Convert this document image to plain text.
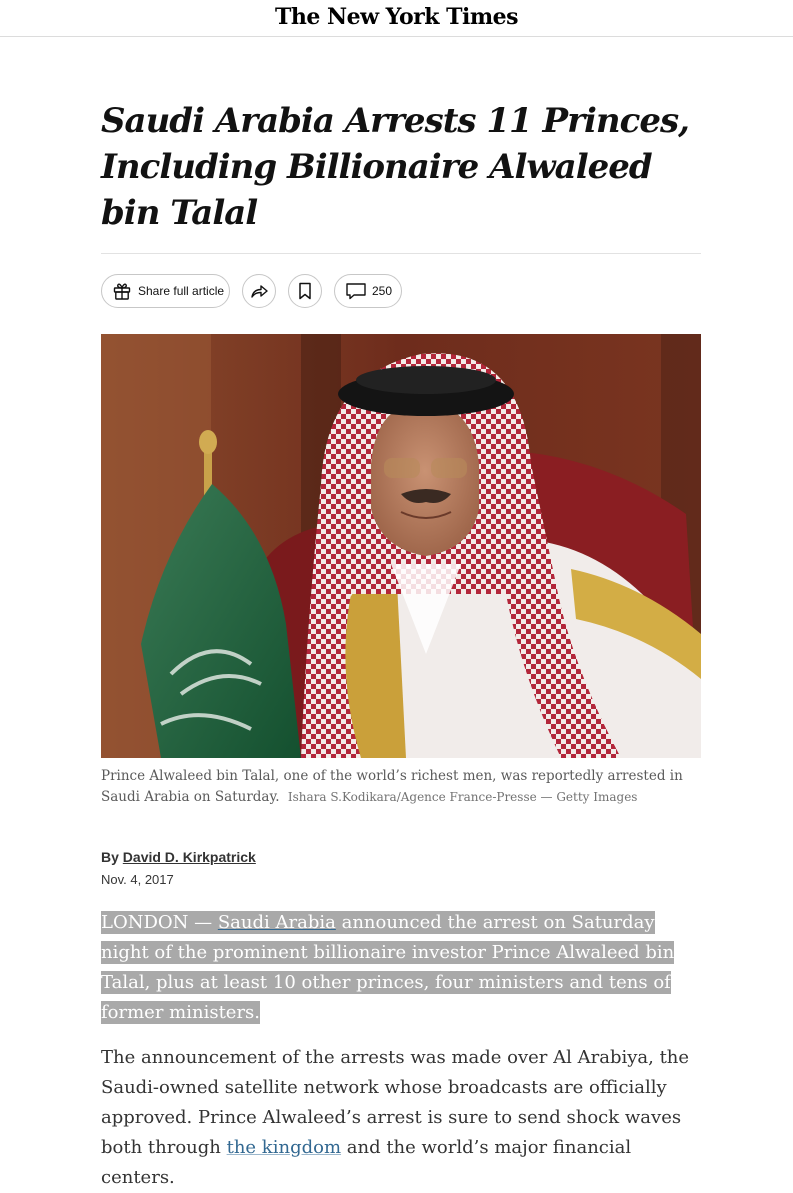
The New York Times
Saudi Arabia Arrests 11 Princes, Including Billionaire Alwaleed bin Talal
Share full article	250
Prince Alwaleed bin Talal, one of the world’s richest men, was reportedly arrested in Saudi Arabia on Saturday. Ishara S.Kodikara/Agence France-Presse — Getty Images
By David D. Kirkpatrick
Nov. 4, 2017

LONDON — Saudi Arabia announced the arrest on Saturday night of the prominent billionaire investor Prince Alwaleed bin Talal, plus at least 10 other princes, four ministers and tens of former ministers.

The announcement of the arrests was made over Al Arabiya, the Saudi-owned satellite network whose broadcasts are officially approved. Prince Alwaleed’s arrest is sure to send shock waves both through the kingdom and the world’s major financial centers.
